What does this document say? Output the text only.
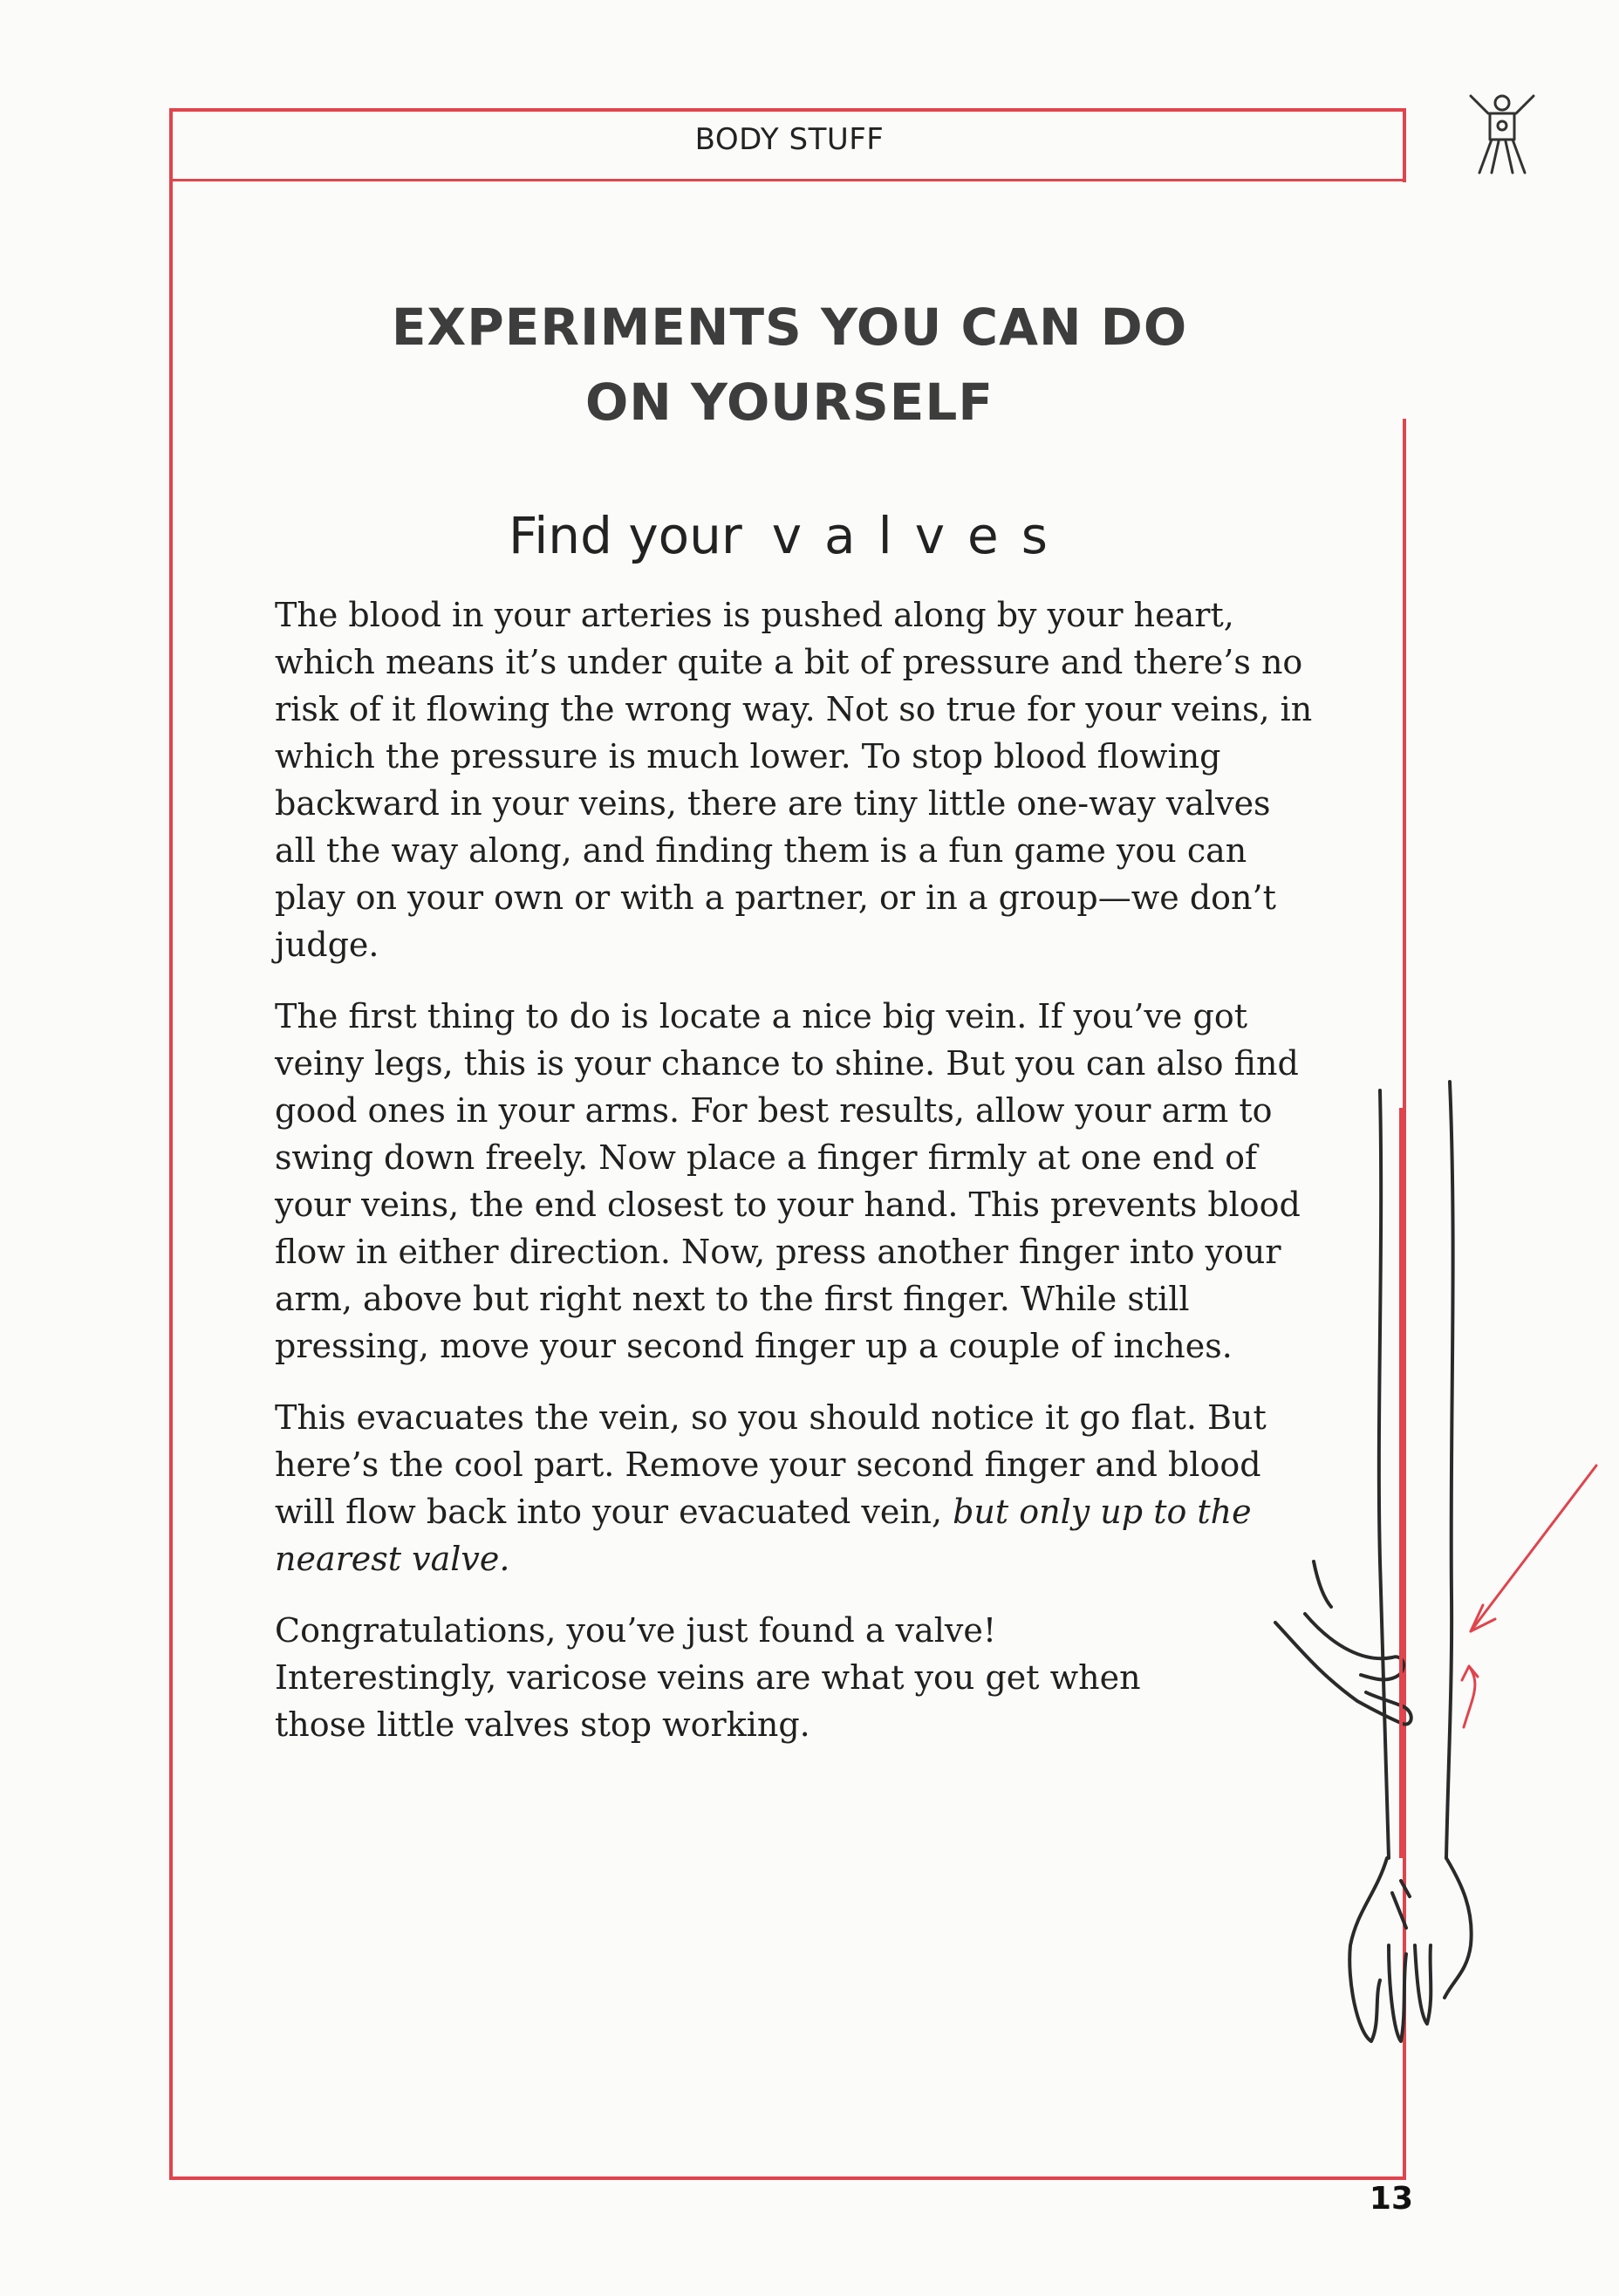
BODY STUFF
EXPERIMENTS YOU CAN DO
ON YOURSELF
Find your valves

The blood in your arteries is pushed along by your heart, which means it’s under quite a bit of pressure and there’s no risk of it flowing the wrong way. Not so true for your veins, in which the pressure is much lower. To stop blood flowing backward in your veins, there are tiny little one-way valves all the way along, and finding them is a fun game you can play on your own or with a partner, or in a group—we don’t judge.

The first thing to do is locate a nice big vein. If you’ve got veiny legs, this is your chance to shine. But you can also find good ones in your arms. For best results, allow your arm to swing down freely. Now place a finger firmly at one end of your veins, the end closest to your hand. This prevents blood flow in either direction. Now, press another finger into your arm, above but right next to the first finger. While still pressing, move your second finger up a couple of inches.

This evacuates the vein, so you should notice it go flat. But here’s the cool part. Remove your second finger and blood will flow back into your evacuated vein, but only up to the nearest valve.

Congratulations, you’ve just found a valve! Interestingly, varicose veins are what you get when those little valves stop working.

13
